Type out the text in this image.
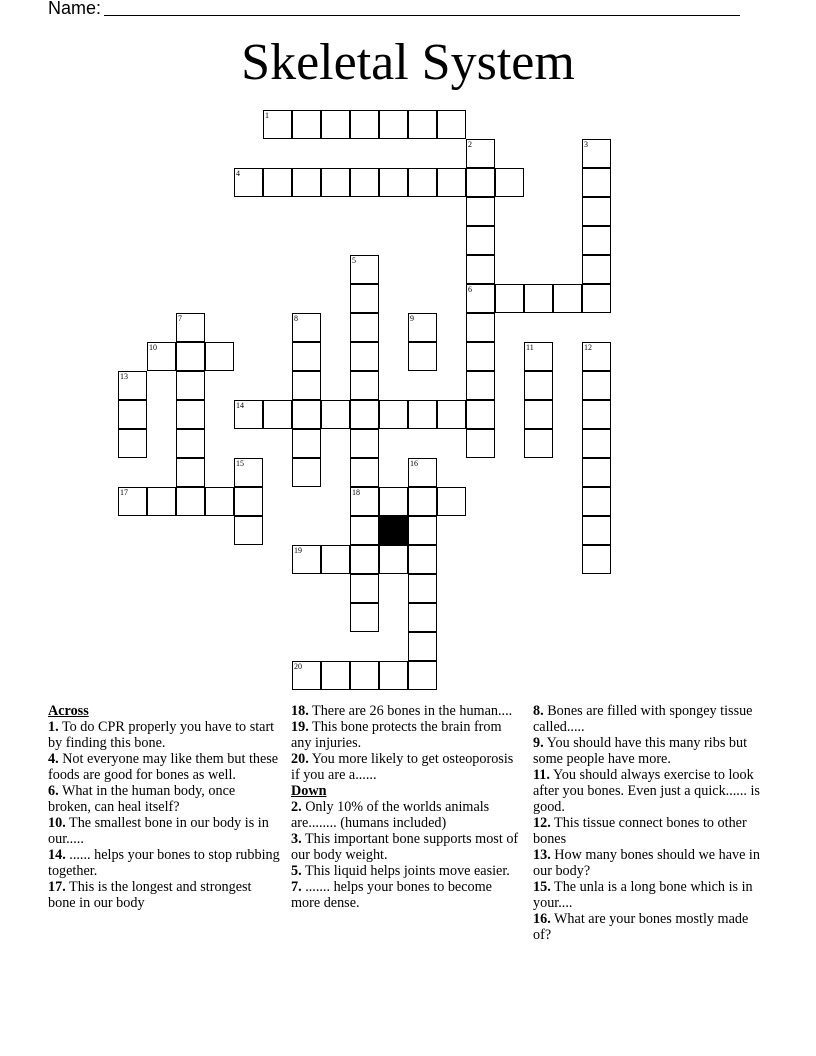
Name:
Skeletal System
1
4
6
10
14
17	18
19
20
2	3
5
7	8	9
11	12
13
15	16

Across

1. To do CPR properly you have to start by finding this bone.

4. Not everyone may like them but these foods are good for bones as well.

6. What in the human body, once broken, can heal itself?

10. The smallest bone in our body is in our.....

14. ...... helps your bones to stop rubbing together.

17. This is the longest and strongest bone in our body

18. There are 26 bones in the human....

19. This bone protects the brain from any injuries.

20. You more likely to get osteoporosis if you are a......

Down

2. Only 10% of the worlds animals are........ (humans included)

3. This important bone supports most of our body weight.

5. This liquid helps joints move easier.

7. ....... helps your bones to become more dense.

8. Bones are filled with spongey tissue called.....

9. You should have this many ribs but some people have more.

11. You should always exercise to look after you bones. Even just a quick...... is good.

12. This tissue connect bones to other bones

13. How many bones should we have in our body?

15. The unla is a long bone which is in your....

16. What are your bones mostly made of?
